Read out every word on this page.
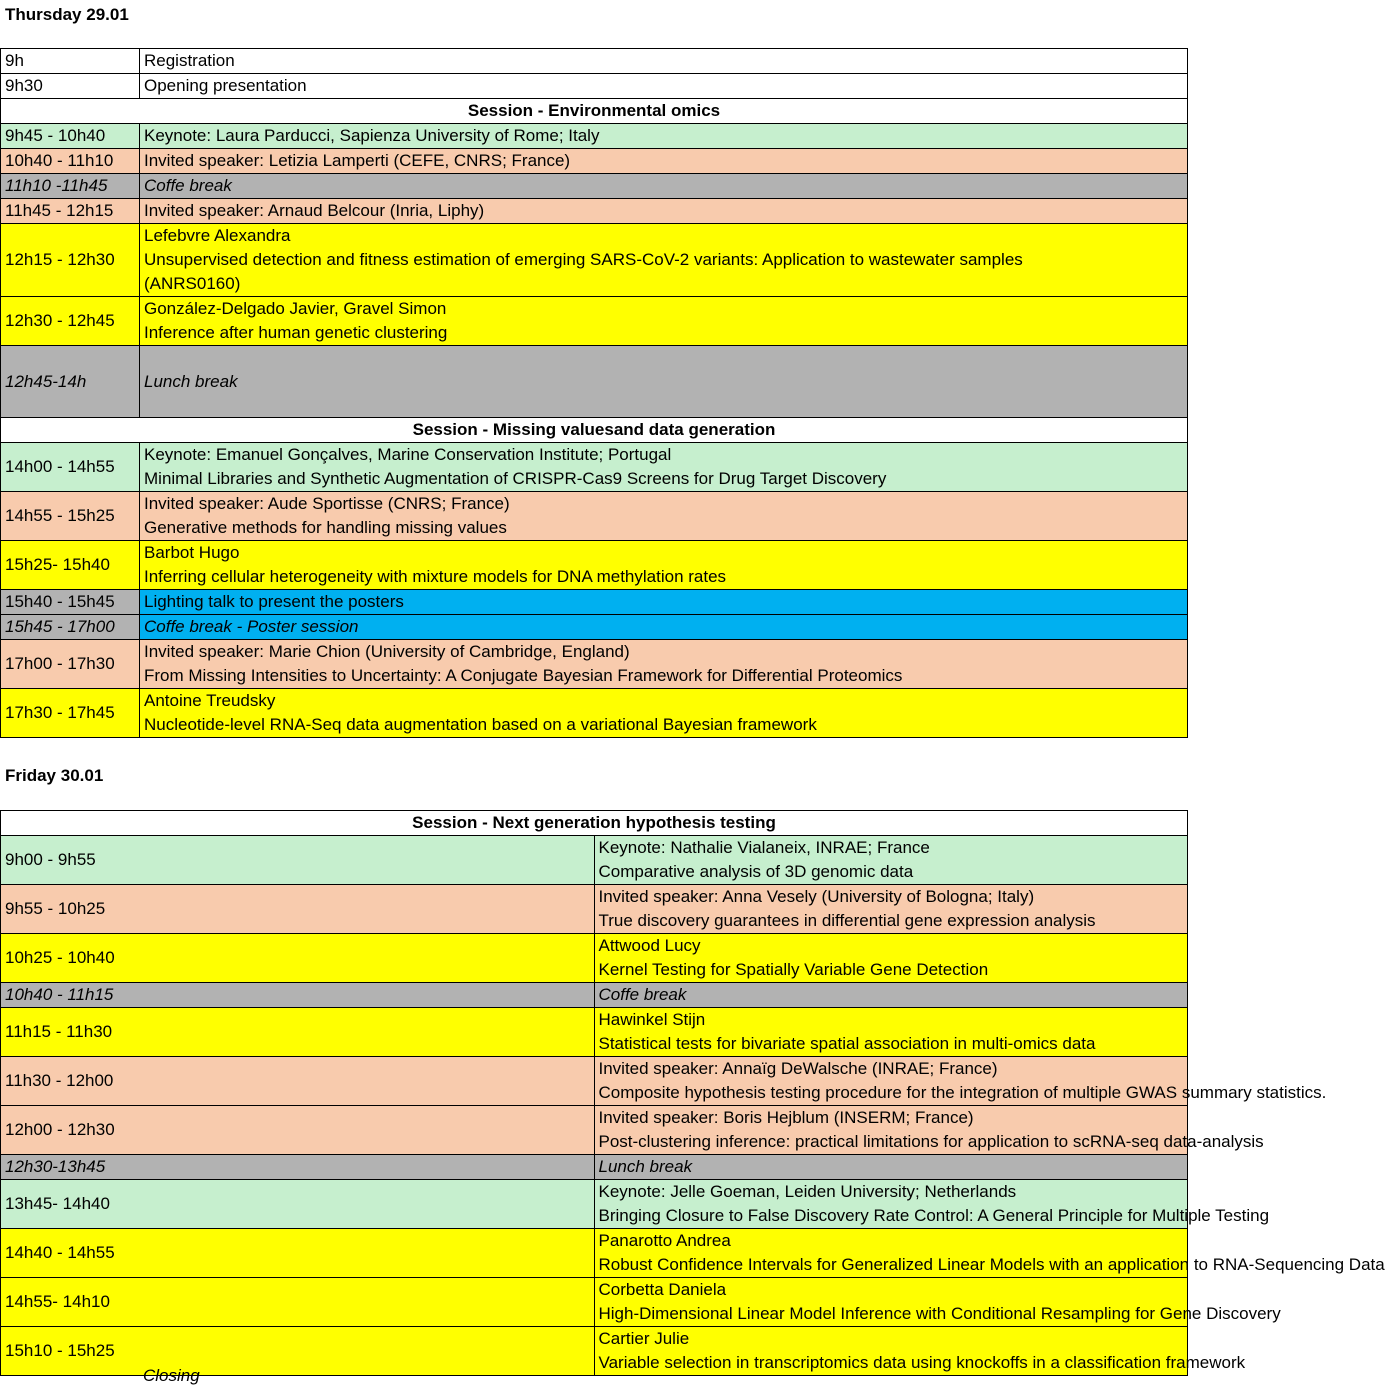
Thursday 29.01
9h	Registration

9h30	Opening presentation

Session - Environmental omics	
9h45 - 10h40	Keynote: Laura Parducci, Sapienza University of Rome; Italy

10h40 - 11h10	Invited speaker: Letizia Lamperti (CEFE, CNRS; France)

11h10 -11h45	Coffe break

11h45 - 12h15	Invited speaker: Arnaud Belcour (Inria, Liphy)

12h15 - 12h30	Lefebvre Alexandra
Unsupervised detection and fitness estimation of emerging SARS-CoV-2 variants: Application to wastewater samples
(ANRS0160)

12h30 - 12h45	González-Delgado Javier, Gravel Simon
Inference after human genetic clustering

12h45-14h	Lunch break

Session - Missing valuesand data generation	
14h00 - 14h55	Keynote: Emanuel Gonçalves, Marine Conservation Institute; Portugal
Minimal Libraries and Synthetic Augmentation of CRISPR-Cas9 Screens for Drug Target Discovery

14h55 - 15h25	Invited speaker: Aude Sportisse (CNRS; France)
Generative methods for handling missing values

15h25- 15h40	Barbot Hugo
Inferring cellular heterogeneity with mixture models for DNA methylation rates

15h40 - 15h45	Lighting talk to present the posters

15h45 - 17h00	Coffe break - Poster session

17h00 - 17h30	Invited speaker: Marie Chion (University of Cambridge, England)
From Missing Intensities to Uncertainty: A Conjugate Bayesian Framework for Differential Proteomics

17h30 - 17h45	Antoine Treudsky
Nucleotide-level RNA-Seq data augmentation based on a variational Bayesian framework
Friday 30.01
Session - Next generation hypothesis testing	
9h00 - 9h55	Keynote: Nathalie Vialaneix, INRAE; France
Comparative analysis of 3D genomic data

9h55 - 10h25	Invited speaker: Anna Vesely (University of Bologna; Italy)
True discovery guarantees in differential gene expression analysis

10h25 - 10h40	Attwood Lucy
Kernel Testing for Spatially Variable Gene Detection

10h40 - 11h15	Coffe break

11h15 - 11h30	Hawinkel Stijn
Statistical tests for bivariate spatial association in multi-omics data

11h30 - 12h00	Invited speaker: Annaïg DeWalsche (INRAE; France)
Composite hypothesis testing procedure for the integration of multiple GWAS summary statistics.

12h00 - 12h30	Invited speaker: Boris Hejblum (INSERM; France)
Post-clustering inference: practical limitations for application to scRNA-seq data-analysis

12h30-13h45	Lunch break

13h45- 14h40	Keynote: Jelle Goeman, Leiden University; Netherlands
Bringing Closure to False Discovery Rate Control: A General Principle for Multiple Testing

14h40 - 14h55	Panarotto Andrea
Robust Confidence Intervals for Generalized Linear Models with an application to RNA-Sequencing Data

14h55- 14h10	Corbetta Daniela
High-Dimensional Linear Model Inference with Conditional Resampling for Gene Discovery

15h10 - 15h25	Cartier Julie
Variable selection in transcriptomics data using knockoffs in a classification framework
Closing
